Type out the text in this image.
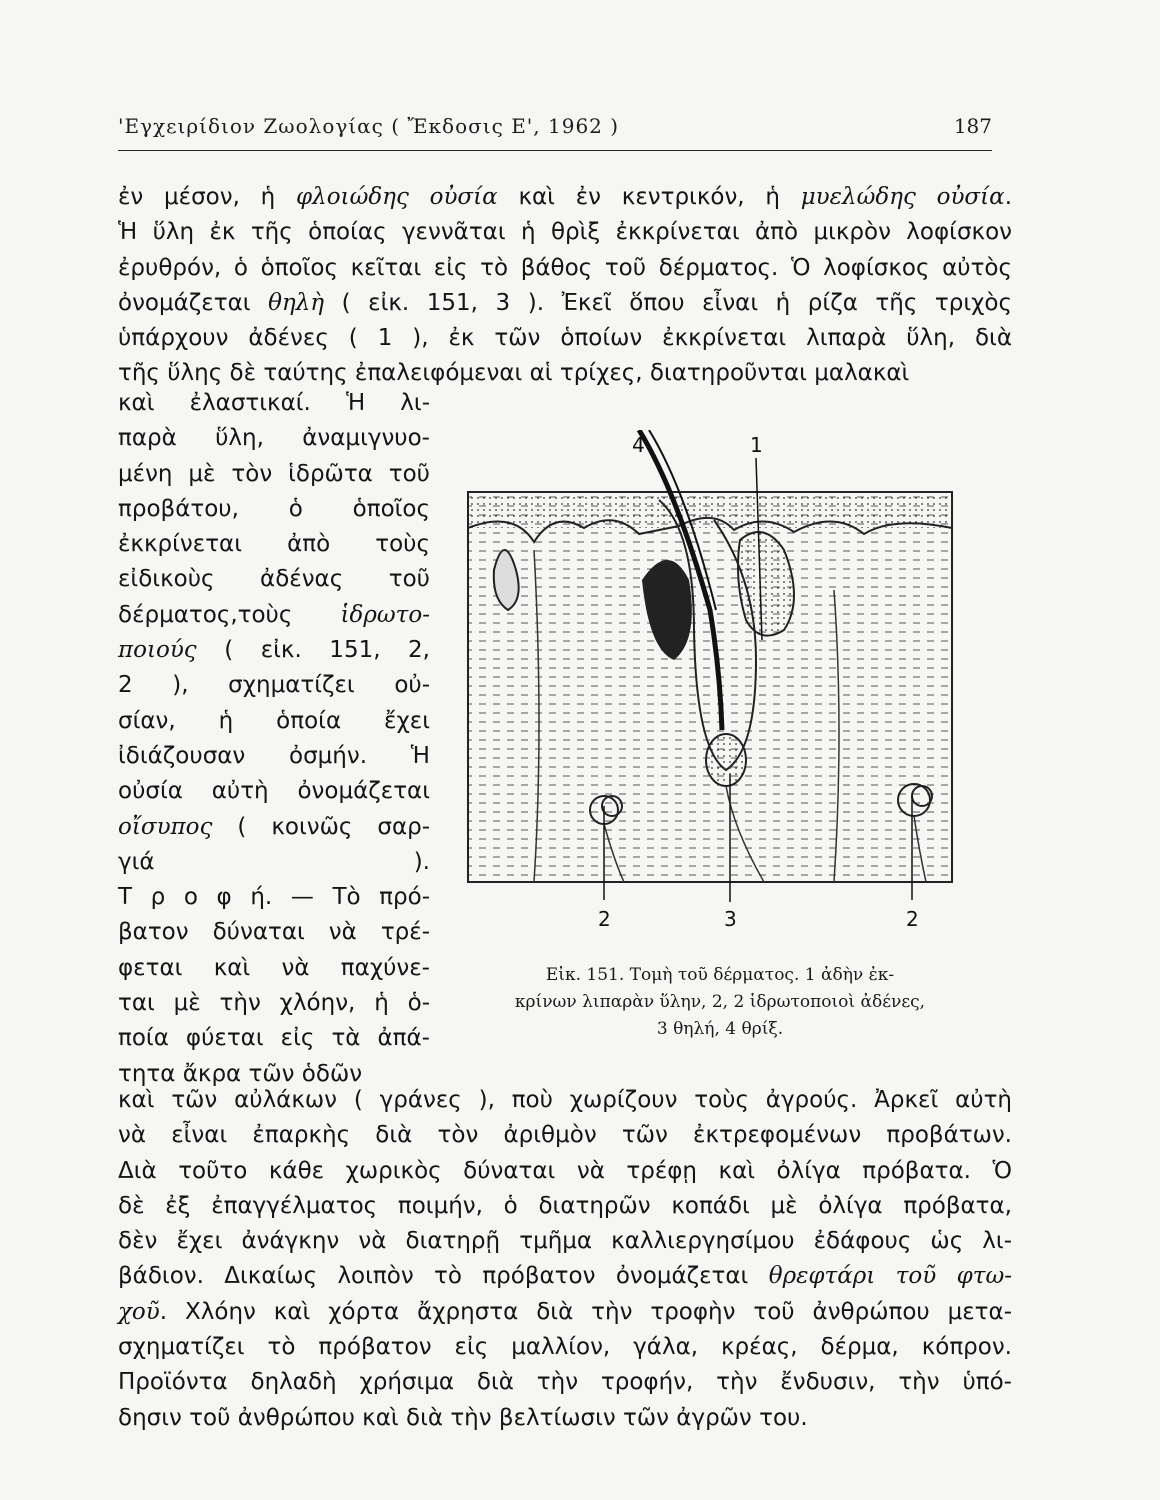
'Εγχειρίδιον Ζωολογίας ( Ἔκδοσις Ε', 1962 )	187
ἐν μέσον, ἡ φλοιώδης οὐσία καὶ ἐν κεντρικόν, ἡ μυελώδης οὐσία.
Ἡ ὕλη ἐκ τῆς ὁποίας γεννᾶται ἡ θρὶξ ἐκκρίνεται ἀπὸ μικρὸν λοφίσκον
ἐρυθρόν, ὁ ὁποῖος κεῖται εἰς τὸ βάθος τοῦ δέρματος. Ὁ λοφίσκος αὐτὸς
ὀνομάζεται θηλὴ ( εἰκ. 151, 3 ). Ἐκεῖ ὅπου εἶναι ἡ ρίζα τῆς τριχὸς
ὑπάρχουν ἀδένες ( 1 ), ἐκ τῶν ὁποίων ἐκκρίνεται λιπαρὰ ὕλη, διὰ
τῆς ὕλης δὲ ταύτης ἐπαλειφόμεναι αἱ τρίχες, διατηροῦνται μαλακαὶ
καὶ ἐλαστικαί. Ἡ λι-
παρὰ ὕλη, ἀναμιγνυο-
μένη μὲ τὸν ἱδρῶτα τοῦ
προβάτου, ὁ ὁποῖος
ἐκκρίνεται ἀπὸ τοὺς
εἰδικοὺς ἀδένας τοῦ
δέρματος,τοὺς ἱδρωτο-
ποιούς ( εἰκ. 151, 2,
2 ), σχηματίζει οὐ-
σίαν, ἡ ὁποία ἔχει
ἰδιάζουσαν ὀσμήν. Ἡ
οὐσία αὐτὴ ὀνομάζεται
οἴσυπος ( κοινῶς σαρ-
γιά ).
Τ ρ ο φ ή. — Τὸ πρό-
βατον δύναται νὰ τρέ-
φεται καὶ νὰ παχύνε-
ται μὲ τὴν χλόην, ἡ ὁ-
ποία φύεται εἰς τὰ ἀπά-
τητα ἄκρα τῶν ὁδῶν
καὶ τῶν αὐλάκων ( γράνες ), ποὺ χωρίζουν τοὺς ἀγρούς. Ἀρκεῖ αὐτὴ
νὰ εἶναι ἐπαρκὴς διὰ τὸν ἀριθμὸν τῶν ἐκτρεφομένων προβάτων.
Διὰ τοῦτο κάθε χωρικὸς δύναται νὰ τρέφῃ καὶ ὀλίγα πρόβατα. Ὁ
δὲ ἐξ ἐπαγγέλματος ποιμήν, ὁ διατηρῶν κοπάδι μὲ ὀλίγα πρόβατα,
δὲν ἔχει ἀνάγκην νὰ διατηρῇ τμῆμα καλλιεργησίμου ἐδάφους ὡς λι-
βάδιον. Δικαίως λοιπὸν τὸ πρόβατον ὀνομάζεται θρεφτάρι τοῦ φτω-
χοῦ. Χλόην καὶ χόρτα ἄχρηστα διὰ τὴν τροφὴν τοῦ ἀνθρώπου μετα-
σχηματίζει τὸ πρόβατον εἰς μαλλίον, γάλα, κρέας, δέρμα, κόπρον.
Προϊόντα δηλαδὴ χρήσιμα διὰ τὴν τροφήν, τὴν ἔνδυσιν, τὴν ὑπό-
δησιν τοῦ ἀνθρώπου καὶ διὰ τὴν βελτίωσιν τῶν ἀγρῶν του.
4	1
2	3	2
Εἰκ. 151. Τομὴ τοῦ δέρματος. 1 ἀδὴν ἐκ-
κρίνων λιπαρὰν ὕλην, 2, 2 ἱδρωτοποιοὶ ἀδένες,
3 θηλή, 4 θρίξ.
